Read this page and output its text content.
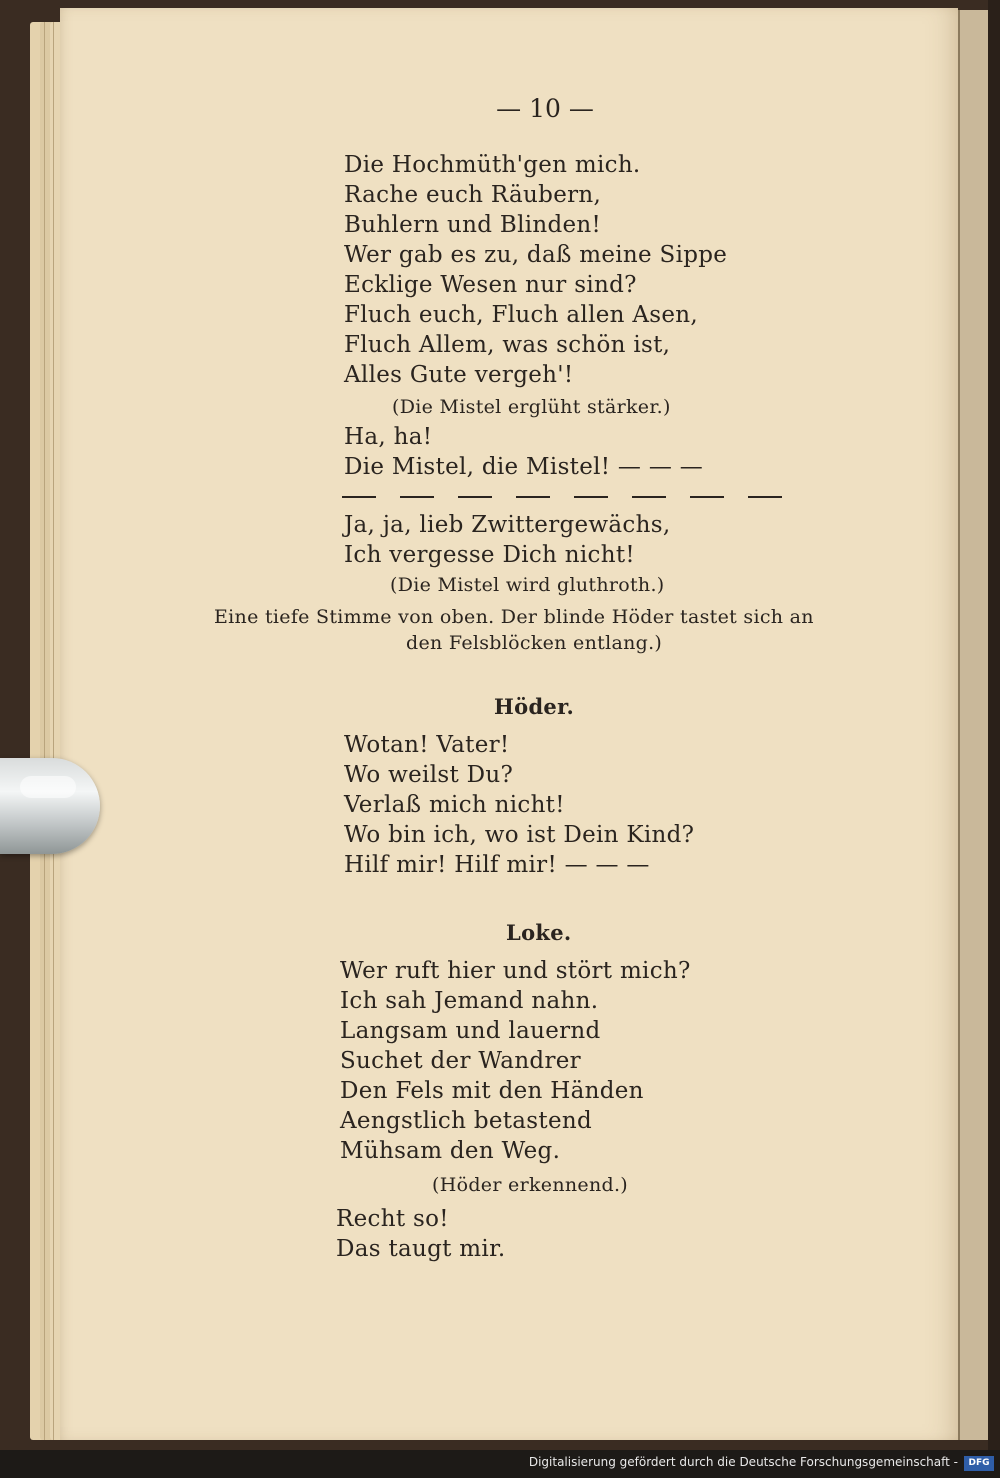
— 10 —
Die Hochmüth'gen mich.
Rache euch Räubern,
Buhlern und Blinden!
Wer gab es zu, daß meine Sippe
Ecklige Wesen nur sind?
Fluch euch, Fluch allen Asen,
Fluch Allem, was schön ist,
Alles Gute vergeh'!
(Die Mistel erglüht stärker.)
Ha, ha!
Die Mistel, die Mistel! — — —
Ja, ja, lieb Zwittergewächs,
Ich vergesse Dich nicht!
(Die Mistel wird gluthroth.)
Eine tiefe Stimme von oben. Der blinde Höder tastet sich an
den Felsblöcken entlang.)
Höder.
Wotan! Vater!
Wo weilst Du?
Verlaß mich nicht!
Wo bin ich, wo ist Dein Kind?
Hilf mir! Hilf mir! — — —
Loke.
Wer ruft hier und stört mich?
Ich sah Jemand nahn.
Langsam und lauernd
Suchet der Wandrer
Den Fels mit den Händen
Aengstlich betastend
Mühsam den Weg.
(Höder erkennend.)
Recht so!
Das taugt mir.
Digitalisierung gefördert durch die Deutsche Forschungsgemeinschaft -	DFG
